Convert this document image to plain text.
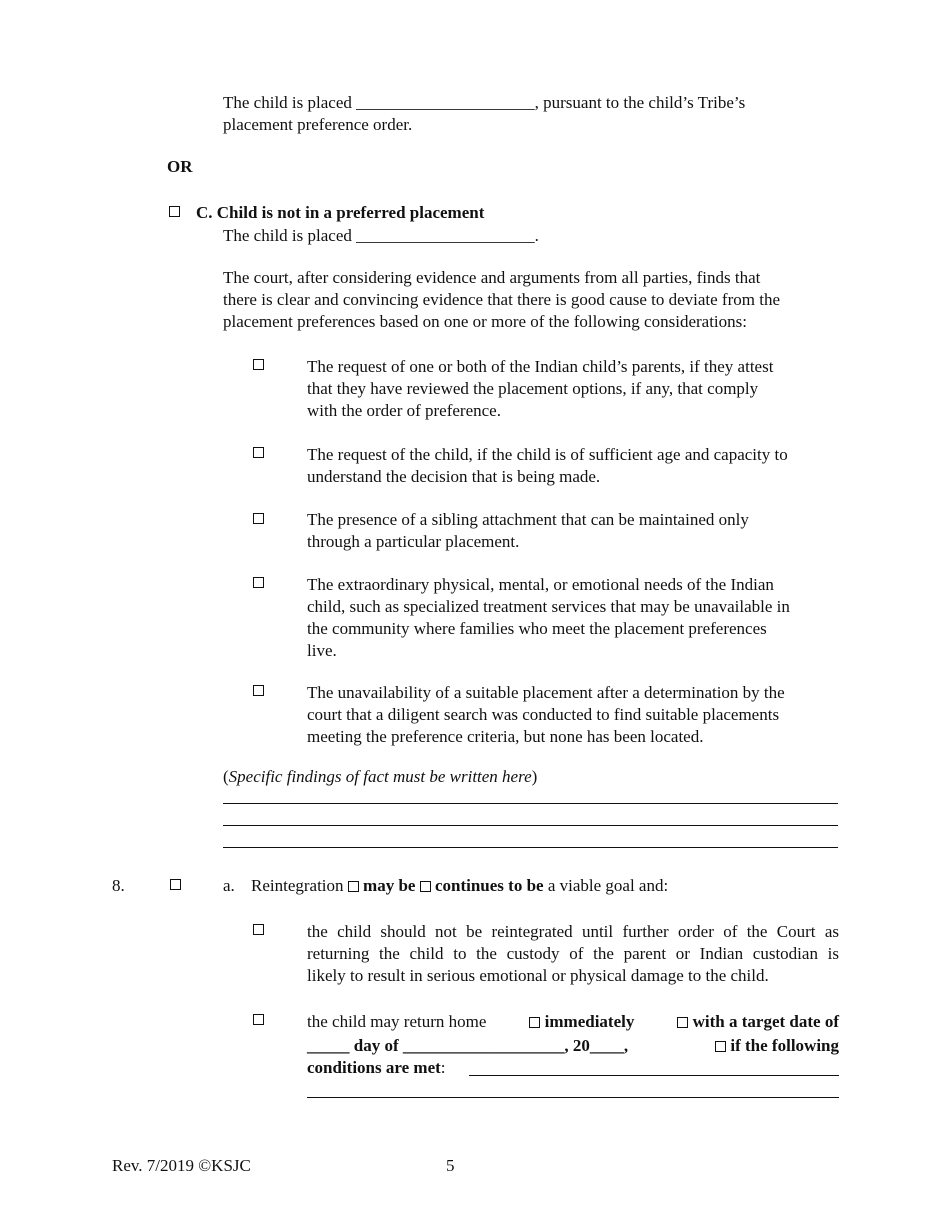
The child is placed _____________________, pursuant to the child’s Tribe’s
placement preference order.
OR
C. Child is not in a preferred placement
The child is placed _____________________.
The court, after considering evidence and arguments from all parties, finds that
there is clear and convincing evidence that there is good cause to deviate from the
placement preferences based on one or more of the following considerations:
The request of one or both of the Indian child’s parents, if they attest
that they have reviewed the placement options, if any, that comply
with the order of preference.
The request of the child, if the child is of sufficient age and capacity to
understand the decision that is being made.
The presence of a sibling attachment that can be maintained only
through a particular placement.
The extraordinary physical, mental, or emotional needs of the Indian
child, such as specialized treatment services that may be unavailable in
the community where families who meet the placement preferences
live.
The unavailability of a suitable placement after a determination by the
court that a diligent search was conducted to find suitable placements
meeting the preference criteria, but none has been located.
(Specific findings of fact must be written here)
8.	a. Reintegration may be continues to be a viable goal and:
the child should not be reintegrated until further order of the Court as
returning the child to the custody of the parent or Indian custodian is
likely to result in serious emotional or physical damage to the child.
the child may return home	immediately	with a target date of
_____ day of ___________________, 20____,	if the following
conditions are met:
Rev. 7/2019 ©KSJC	5
